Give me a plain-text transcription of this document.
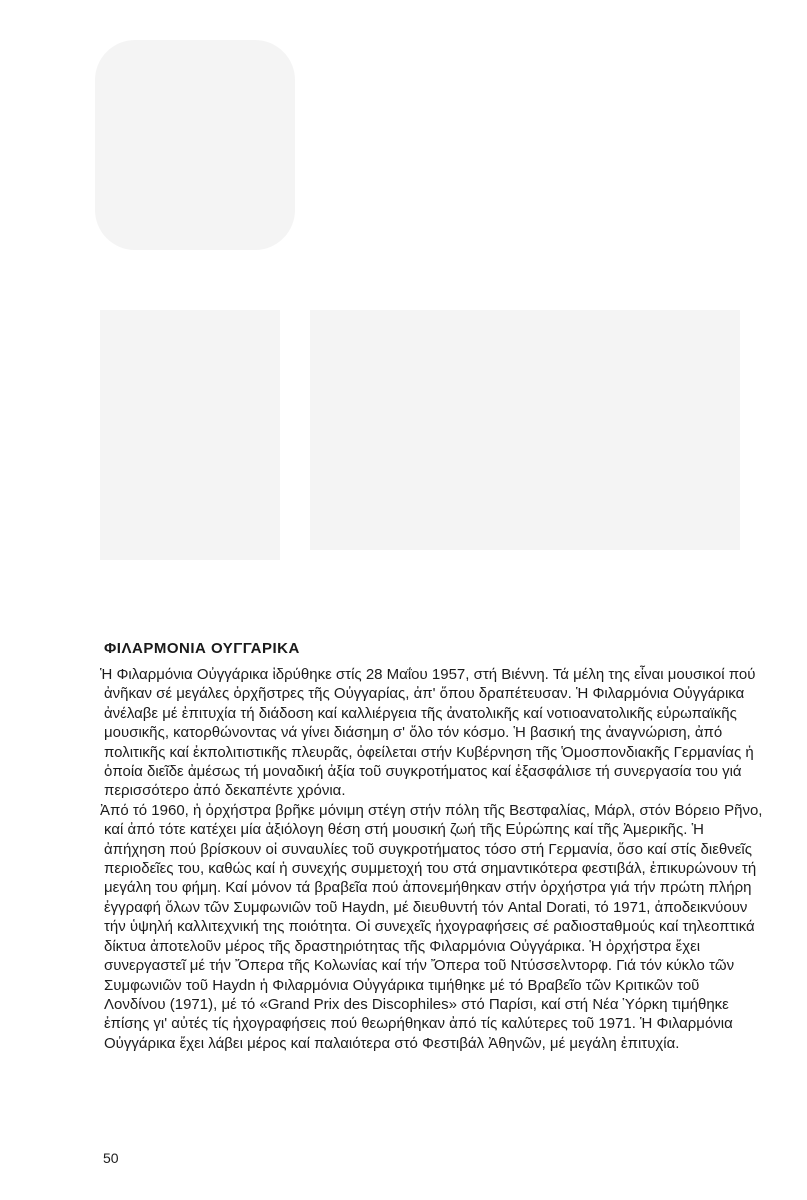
ΦΙΛΑΡΜΟΝΙΑ ΟΥΓΓΑΡΙΚΑ

Ἡ Φιλαρμόνια Οὐγγάρικα ἱδρύθηκε στίς 28 Μαΐου 1957, στή Βιέννη. Τά μέλη της εἶναι μουσικοί πού ἀνῆκαν σέ μεγάλες ὀρχῆστρες τῆς Οὐγγαρίας, ἀπ' ὅπου δραπέτευσαν. Ἡ Φιλαρμόνια Οὐγγάρικα ἀνέλαβε μέ ἐπιτυχία τή διάδοση καί καλλιέργεια τῆς ἀνατολικῆς καί νοτιοανατολικῆς εὐρωπαϊκῆς μουσικῆς, κατορθώνοντας νά γίνει διάσημη σ' ὅλο τόν κόσμο. Ἡ βασική της ἀναγνώριση, ἀπό πολιτικῆς καί ἐκπολιτιστικῆς πλευρᾶς, ὀφείλεται στήν Κυβέρνηση τῆς Ὁμοσπονδιακῆς Γερμανίας ἡ ὁποία διεῖδε ἀμέσως τή μοναδική ἀξία τοῦ συγκροτήματος καί ἐξασφάλισε τή συνεργασία του γιά περισσότερο ἀπό δεκαπέντε χρόνια.

Ἀπό τό 1960, ἡ ὀρχήστρα βρῆκε μόνιμη στέγη στήν πόλη τῆς Βεστφαλίας, Μάρλ, στόν Βόρειο Ρῆνο, καί ἀπό τότε κατέχει μία ἀξιόλογη θέση στή μουσική ζωή τῆς Εὐρώπης καί τῆς Ἀμερικῆς. Ἡ ἀπήχηση πού βρίσκουν οἱ συναυλίες τοῦ συγκροτήματος τόσο στή Γερμανία, ὅσο καί στίς διεθνεῖς περιοδεῖες του, καθώς καί ἡ συνεχής συμμετοχή του στά σημαντικότερα φεστιβάλ, ἐπικυρώνουν τή μεγάλη του φήμη. Καί μόνον τά βραβεῖα πού ἀπονεμήθηκαν στήν ὀρχήστρα γιά τήν πρώτη πλήρη ἐγγραφή ὅλων τῶν Συμφωνιῶν τοῦ Haydn, μέ διευθυντή τόν Antal Dorati, τό 1971, ἀποδεικνύουν τήν ὑψηλή καλλιτεχνική της ποιότητα. Οἱ συνεχεῖς ἠχογραφήσεις σέ ραδιοσταθμούς καί τηλεοπτικά δίκτυα ἀποτελοῦν μέρος τῆς δραστηριότητας τῆς Φιλαρμόνια Οὐγγάρικα. Ἡ ὀρχήστρα ἔχει συνεργαστεῖ μέ τήν Ὄπερα τῆς Κολωνίας καί τήν Ὄπερα τοῦ Ντύσσελντορφ. Γιά τόν κύκλο τῶν Συμφωνιῶν τοῦ Haydn ἡ Φιλαρμόνια Οὐγγάρικα τιμήθηκε μέ τό Βραβεῖο τῶν Κριτικῶν τοῦ Λονδίνου (1971), μέ τό «Grand Prix des Discophiles» στό Παρίσι, καί στή Νέα Ὑόρκη τιμήθηκε ἐπίσης γι' αὐτές τίς ἠχογραφήσεις πού θεωρήθηκαν ἀπό τίς καλύτερες τοῦ 1971. Ἡ Φιλαρμόνια Οὐγγάρικα ἔχει λάβει μέρος καί παλαιότερα στό Φεστιβάλ Ἀθηνῶν, μέ μεγάλη ἐπιτυχία.

50
